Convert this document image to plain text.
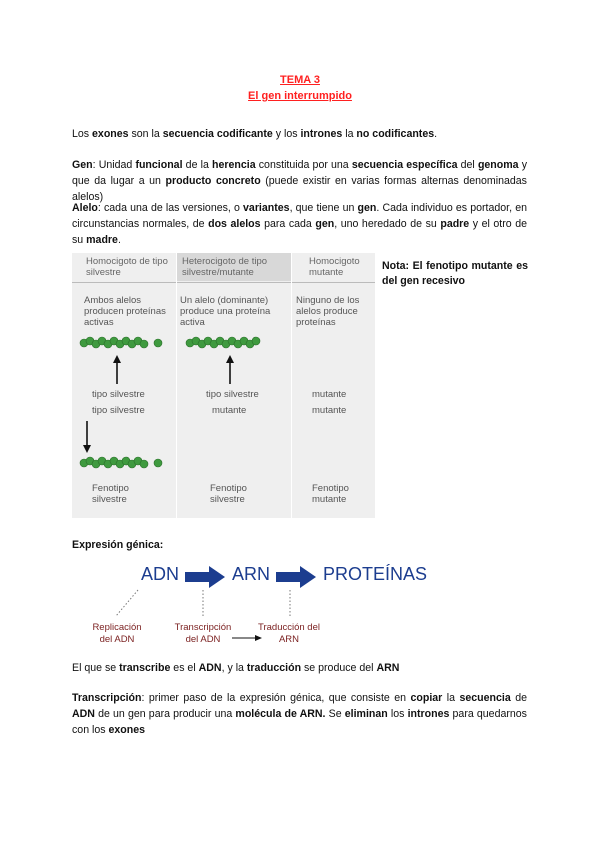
TEMA 3
El gen interrumpido

Los exones son la secuencia codificante y los intrones la no codificantes.

Gen: Unidad funcional de la herencia constituida por una secuencia específica del genoma y que da lugar a un producto concreto (puede existir en varias formas alternas denominadas alelos)

Alelo: cada una de las versiones, o variantes, que tiene un gen. Cada individuo es portador, en circunstancias normales, de dos alelos para cada gen, uno heredado de su padre y el otro de su madre.

Homocigoto de tipo silvestre
Heterocigoto de tipo silvestre/mutante
Homocigoto mutante
Ambos alelos producen proteínas activas
Un alelo (dominante) produce una proteína activa
Ninguno de los alelos produce proteínas
tipo silvestre
tipo silvestre
tipo silvestre
mutante
mutante
mutante
Fenotipo silvestre
Fenotipo silvestre
Fenotipo mutante
Nota: El fenotipo mutante es del gen recesivo
Expresión génica:
ADN	ARN	PROTEÍNAS
Replicación del ADN
Transcripción del ADN
Traducción del ARN

El que se transcribe es el ADN, y la traducción se produce del ARN

Transcripción: primer paso de la expresión génica, que consiste en copiar la secuencia de ADN de un gen para producir una molécula de ARN. Se eliminan los intrones para quedarnos con los exones
